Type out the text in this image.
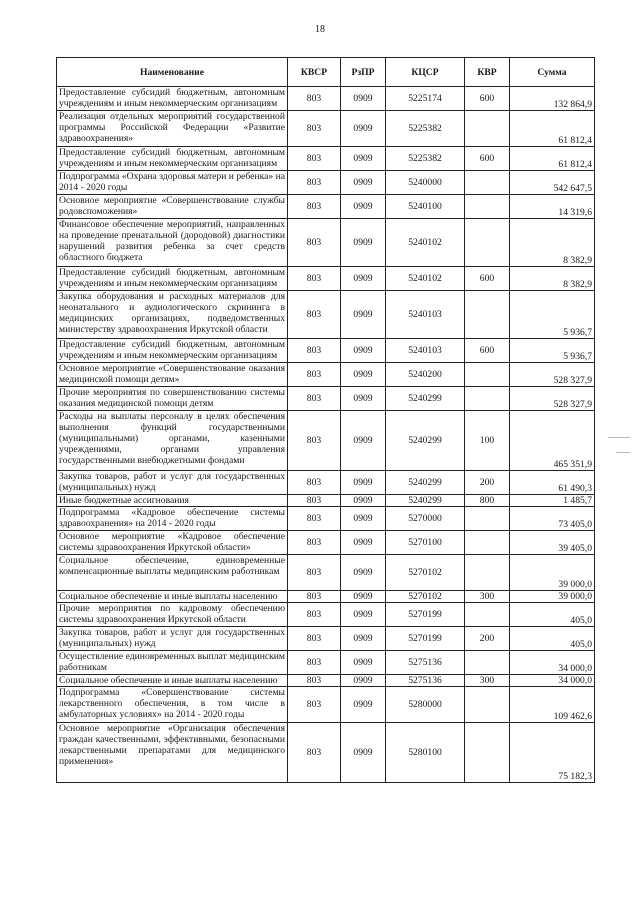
18
Наименование	КВСР	РзПР	КЦСР	КВР	Сумма
Предоставление субсидий бюджетным, автономным учреждениям и иным некоммерческим организациям	803	0909	5225174	600	132 864,9
Реализация отдельных мероприятий государственной программы Российской Федерации «Развитие здравоохранения»	803	0909	5225382		61 812,4
Предоставление субсидий бюджетным, автономным учреждениям и иным некоммерческим организациям	803	0909	5225382	600	61 812,4
Подпрограмма «Охрана здоровья матери и ребенка» на 2014 - 2020 годы	803	0909	5240000		542 647,5
Основное мероприятие «Совершенствование службы родовспоможения»	803	0909	5240100		14 319,6
Финансовое обеспечение мероприятий, направленных на проведение пренатальной (дородовой) диагностики нарушений развития ребенка за счет средств областного бюджета	803	0909	5240102		8 382,9
Предоставление субсидий бюджетным, автономным учреждениям и иным некоммерческим организациям	803	0909	5240102	600	8 382,9
Закупка оборудования и расходных материалов для неонатального и аудиологического скрининга в медицинских организациях, подведомственных министерству здравоохранения Иркутской области	803	0909	5240103		5 936,7
Предоставление субсидий бюджетным, автономным учреждениям и иным некоммерческим организациям	803	0909	5240103	600	5 936,7
Основное мероприятие «Совершенствование оказания медицинской помощи детям»	803	0909	5240200		528 327,9
Прочие мероприятия по совершенствованию системы оказания медицинской помощи детям	803	0909	5240299		528 327,9
Расходы на выплаты персоналу в целях обеспечения выполнения функций государственными (муниципальными) органами, казенными учреждениями, органами управления государственными внебюджетными фондами	803	0909	5240299	100	465 351,9
Закупка товаров, работ и услуг для государственных (муниципальных) нужд	803	0909	5240299	200	61 490,3
Иные бюджетные ассигнования	803	0909	5240299	800	1 485,7
Подпрограмма «Кадровое обеспечение системы здравоохранения» на 2014 - 2020 годы	803	0909	5270000		73 405,0
Основное мероприятие «Кадровое обеспечение системы здравоохранения Иркутской области»	803	0909	5270100		39 405,0
Социальное обеспечение, единовременные компенсационные выплаты медицинским работникам	803	0909	5270102		39 000,0
Социальное обеспечение и иные выплаты населению	803	0909	5270102	300	39 000,0
Прочие мероприятия по кадровому обеспечению системы здравоохранения Иркутской области	803	0909	5270199		405,0
Закупка товаров, работ и услуг для государственных (муниципальных) нужд	803	0909	5270199	200	405,0
Осуществление единовременных выплат медицинским работникам	803	0909	5275136		34 000,0
Социальное обеспечение и иные выплаты населению	803	0909	5275136	300	34 000,0
Подпрограмма «Совершенствование системы лекарственного обеспечения, в том числе в амбулаторных условиях» на 2014 - 2020 годы	803	0909	5280000		109 462,6
Основное мероприятие «Организация обеспечения граждан качественными, эффективными, безопасными лекарственными препаратами для медицинского применения»	803	0909	5280100		75 182,3
